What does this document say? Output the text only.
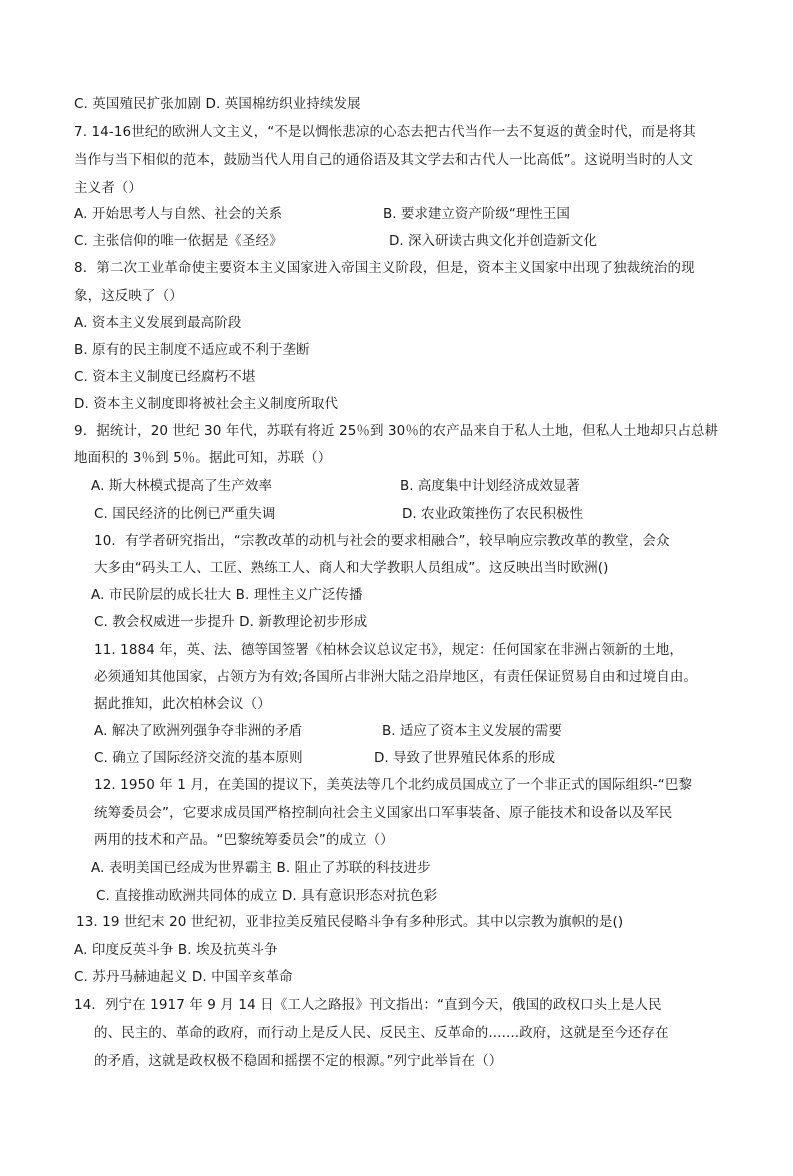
C. 英国殖民扩张加剧 D. 英国棉纺织业持续发展
7. 14-16世纪的欧洲人文主义，“不是以惆怅悲凉的心态去把古代当作一去不复返的黄金时代，而是将其
当作与当下相似的范本，鼓励当代人用自己的通俗语及其文学去和古代人一比高低”。这说明当时的人文
主义者（）
A. 开始思考人与自然、社会的关系	B. 要求建立资产阶级“理性王国
C. 主张信仰的唯一依据是《圣经》	D. 深入研读古典文化并创造新文化
8．第二次工业革命使主要资本主义国家进入帝国主义阶段，但是，资本主义国家中出现了独裁统治的现
象，这反映了（）
A. 资本主义发展到最高阶段
B. 原有的民主制度不适应或不利于垄断
C. 资本主义制度已经腐朽不堪
D. 资本主义制度即将被社会主义制度所取代
9．据统计，20 世纪 30 年代，苏联有将近 25％到 30％的农产品来自于私人土地，但私人土地却只占总耕
地面积的 3％到 5％。据此可知，苏联（）
A. 斯大林模式提高了生产效率	B. 高度集中计划经济成效显著
C. 国民经济的比例已严重失调	D. 农业政策挫伤了农民积极性
10．有学者研究指出，“宗教改革的动机与社会的要求相融合”，较早响应宗教改革的教堂，会众
大多由“码头工人、工匠、熟练工人、商人和大学教职人员组成”。这反映出当时欧洲()
A. 市民阶层的成长壮大 B. 理性主义广泛传播
C. 教会权威进一步提升 D. 新教理论初步形成
11. 1884 年，英、法、德等国签署《柏林会议总议定书》，规定：任何国家在非洲占领新的土地，
必须通知其他国家，占领方为有效;各国所占非洲大陆之沿岸地区，有责任保证贸易自由和过境自由。
据此推知，此次柏林会议（）
A. 解决了欧洲列强争夺非洲的矛盾	B. 适应了资本主义发展的需要
C. 确立了国际经济交流的基本原则	D. 导致了世界殖民体系的形成
12. 1950 年 1 月，在美国的提议下，美英法等几个北约成员国成立了一个非正式的国际组织-“巴黎
统筹委员会”，它要求成员国严格控制向社会主义国家出口军事装备、原子能技术和设备以及军民
两用的技术和产品。“巴黎统筹委员会”的成立（）
A. 表明美国已经成为世界霸主 B. 阻止了苏联的科技进步
C. 直接推动欧洲共同体的成立 D. 具有意识形态对抗色彩
13. 19 世纪末 20 世纪初，亚非拉美反殖民侵略斗争有多种形式。其中以宗教为旗帜的是()
A. 印度反英斗争 B. 埃及抗英斗争
C. 苏丹马赫迪起义 D. 中国辛亥革命
14．列宁在 1917 年 9 月 14 日《工人之路报》刊文指出：“直到今天，俄国的政权口头上是人民
的、民主的、革命的政府，而行动上是反人民、反民主、反革命的.......政府，这就是至今还存在
的矛盾，这就是政权极不稳固和摇摆不定的根源。”列宁此举旨在（）
